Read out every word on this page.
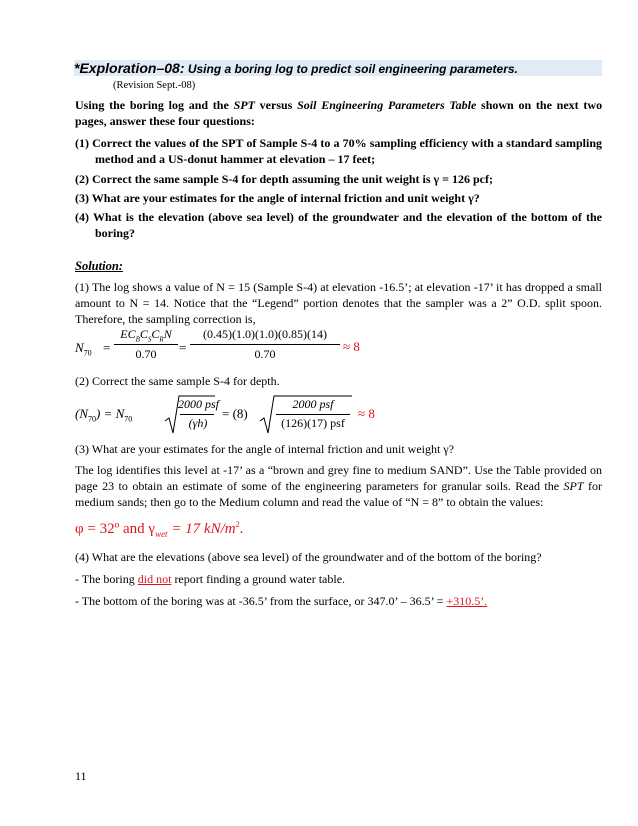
*Exploration–08: Using a boring log to predict soil engineering parameters.
(Revision Sept.-08)
Using the boring log and the SPT versus Soil Engineering Parameters Table shown on the next two pages, answer these four questions:
(1) Correct the values of the SPT of Sample S-4 to a 70% sampling efficiency with a standard sampling method and a US-donut hammer at elevation – 17 feet;
(2) Correct the same sample S-4 for depth assuming the unit weight is γ = 126 pcf;
(3) What are your estimates for the angle of internal friction and unit weight γ?
(4) What is the elevation (above sea level) of the groundwater and the elevation of the bottom of the boring?
Solution:
(1) The log shows a value of N = 15 (Sample S-4) at elevation -16.5’; at elevation -17’ it has dropped a small amount to N = 14. Notice that the “Legend” portion denotes that the sampler was a 2” O.D. split spoon. Therefore, the sampling correction is,
$N_{70}$ =
$EC_BC_SC_RN$
0.70	=
(0.45)(1.0)(1.0)(0.85)(14)
0.70	≈ 8
(2) Correct the same sample S-4 for depth.
$(N_{70}) = N_{70}$
2000 psf
(γh)
= (8)
2000 psf
(126)(17) psf
≈ 8
(3) What are your estimates for the angle of internal friction and unit weight γ?
The log identifies this level at -17’ as a “brown and grey fine to medium SAND”. Use the Table provided on page 23 to obtain an estimate of some of the engineering parameters for granular soils. Read the SPT for medium sands; then go to the Medium column and read the value of “N = 8” to obtain the values:
φ = 32º and $\gamma_{wet} = 17$ $kN/m^2$.
(4) What are the elevations (above sea level) of the groundwater and of the bottom of the boring?
- The boring did not report finding a ground water table.
- The bottom of the boring was at -36.5’ from the surface, or 347.0’ – 36.5’ = +310.5’.
11
